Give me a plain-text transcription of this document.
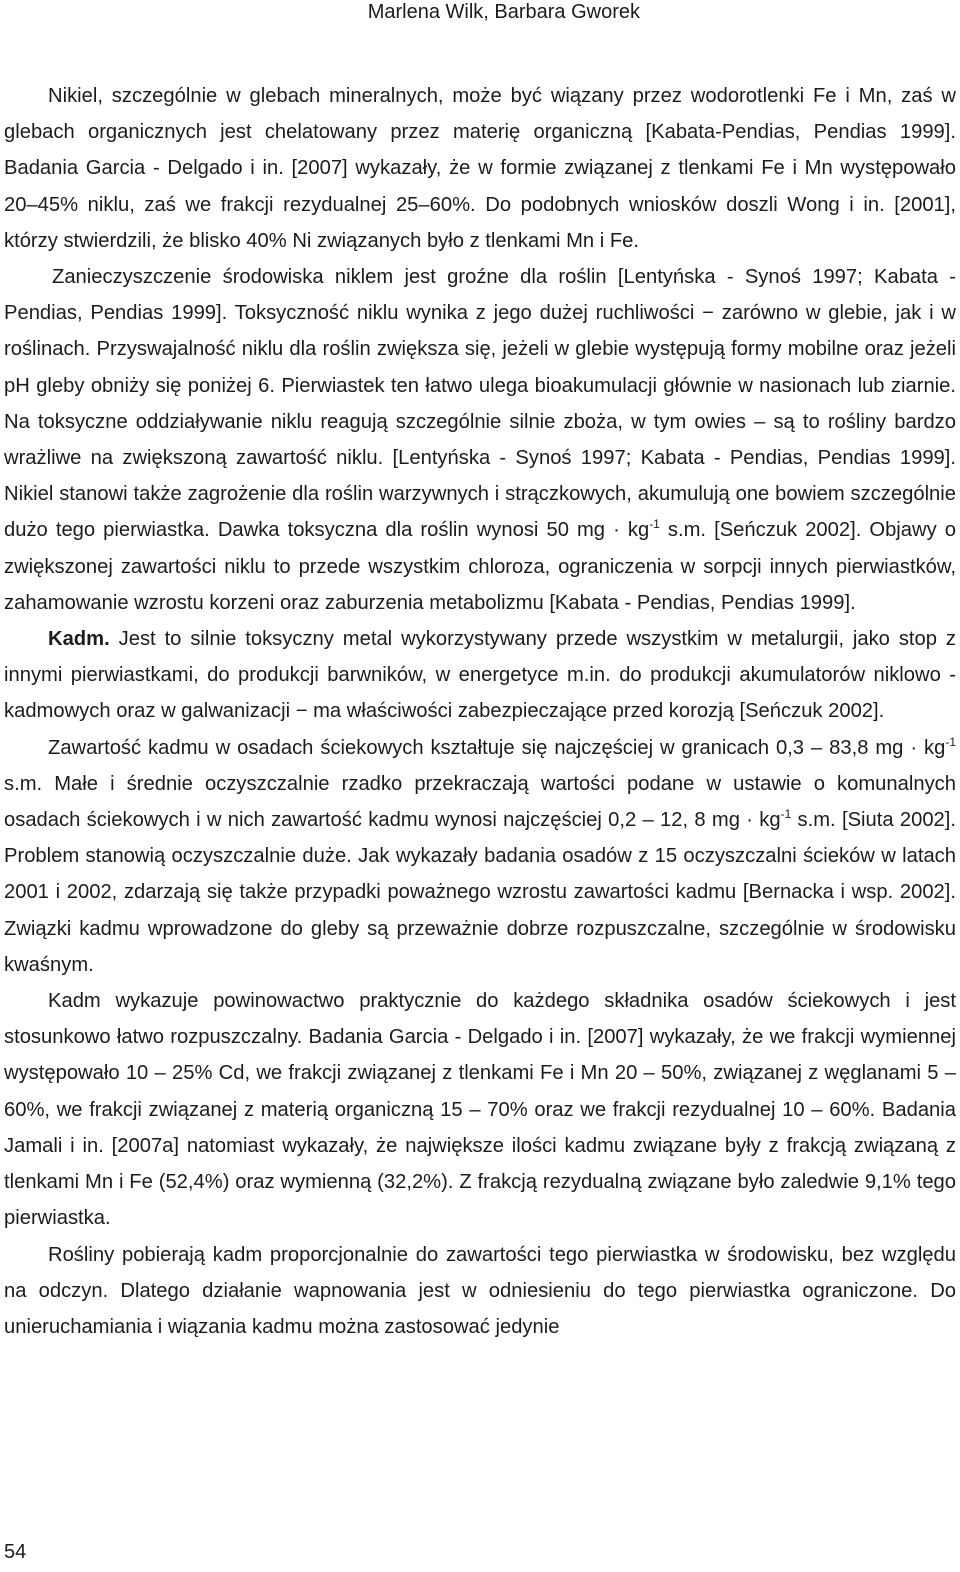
Marlena Wilk, Barbara Gworek

Nikiel, szczególnie w glebach mineralnych, może być wiązany przez wodorotlenki Fe i Mn, zaś w glebach organicznych jest chelatowany przez materię organiczną [Kabata-Pendias, Pendias 1999]. Badania Garcia - Delgado i in. [2007] wykazały, że w formie związanej z tlenkami Fe i Mn występowało 20–45% niklu, zaś we frakcji rezydualnej 25–60%. Do podobnych wniosków doszli Wong i in. [2001], którzy stwierdzili, że blisko 40% Ni związanych było z tlenkami Mn i Fe.

Zanieczyszczenie środowiska niklem jest groźne dla roślin [Lentyńska - Synoś 1997; Kabata - Pendias, Pendias 1999]. Toksyczność niklu wynika z jego dużej ruchliwości − zarówno w glebie, jak i w roślinach. Przyswajalność niklu dla roślin zwiększa się, jeżeli w glebie występują formy mobilne oraz jeżeli pH gleby obniży się poniżej 6. Pierwiastek ten łatwo ulega bioakumulacji głównie w nasionach lub ziarnie. Na toksyczne oddziaływanie niklu reagują szczególnie silnie zboża, w tym owies – są to rośliny bardzo wrażliwe na zwiększoną zawartość niklu. [Lentyńska - Synoś 1997; Kabata - Pendias, Pendias 1999]. Nikiel stanowi także zagrożenie dla roślin warzywnych i strączkowych, akumulują one bowiem szczególnie dużo tego pierwiastka. Dawka toksyczna dla roślin wynosi 50 mg · $kg^{-1}$ s.m. [Seńczuk 2002]. Objawy o zwiększonej zawartości niklu to przede wszystkim chloroza, ograniczenia w sorpcji innych pierwiastków, zahamowanie wzrostu korzeni oraz zaburzenia metabolizmu [Kabata - Pendias, Pendias 1999].

Kadm. Jest to silnie toksyczny metal wykorzystywany przede wszystkim w metalurgii, jako stop z innymi pierwiastkami, do produkcji barwników, w energetyce m.in. do produkcji akumulatorów niklowo - kadmowych oraz w galwanizacji − ma właściwości zabezpieczające przed korozją [Seńczuk 2002].

Zawartość kadmu w osadach ściekowych kształtuje się najczęściej w granicach 0,3 – 83,8 mg · $kg^{-1}$ s.m. Małe i średnie oczyszczalnie rzadko przekraczają wartości podane w ustawie o komunalnych osadach ściekowych i w nich zawartość kadmu wynosi najczęściej 0,2 – 12, 8 mg · $kg^{-1}$ s.m. [Siuta 2002]. Problem stanowią oczyszczalnie duże. Jak wykazały badania osadów z 15 oczyszczalni ścieków w latach 2001 i 2002, zdarzają się także przypadki poważnego wzrostu zawartości kadmu [Bernacka i wsp. 2002]. Związki kadmu wprowadzone do gleby są przeważnie dobrze rozpuszczalne, szczególnie w środowisku kwaśnym.

Kadm wykazuje powinowactwo praktycznie do każdego składnika osadów ściekowych i jest stosunkowo łatwo rozpuszczalny. Badania Garcia - Delgado i in. [2007] wykazały, że we frakcji wymiennej występowało 10 – 25% Cd, we frakcji związanej z tlenkami Fe i Mn 20 – 50%, związanej z węglanami 5 – 60%, we frakcji związanej z materią organiczną 15 – 70% oraz we frakcji rezydualnej 10 – 60%. Badania Jamali i in. [2007a] natomiast wykazały, że największe ilości kadmu związane były z frakcją związaną z tlenkami Mn i Fe (52,4%) oraz wymienną (32,2%). Z frakcją rezydualną związane było zaledwie 9,1% tego pierwiastka.

Rośliny pobierają kadm proporcjonalnie do zawartości tego pierwiastka w środowisku, bez względu na odczyn. Dlatego działanie wapnowania jest w odniesieniu do tego pierwiastka ograniczone. Do unieruchamiania i wiązania kadmu można zastosować jedynie

54
